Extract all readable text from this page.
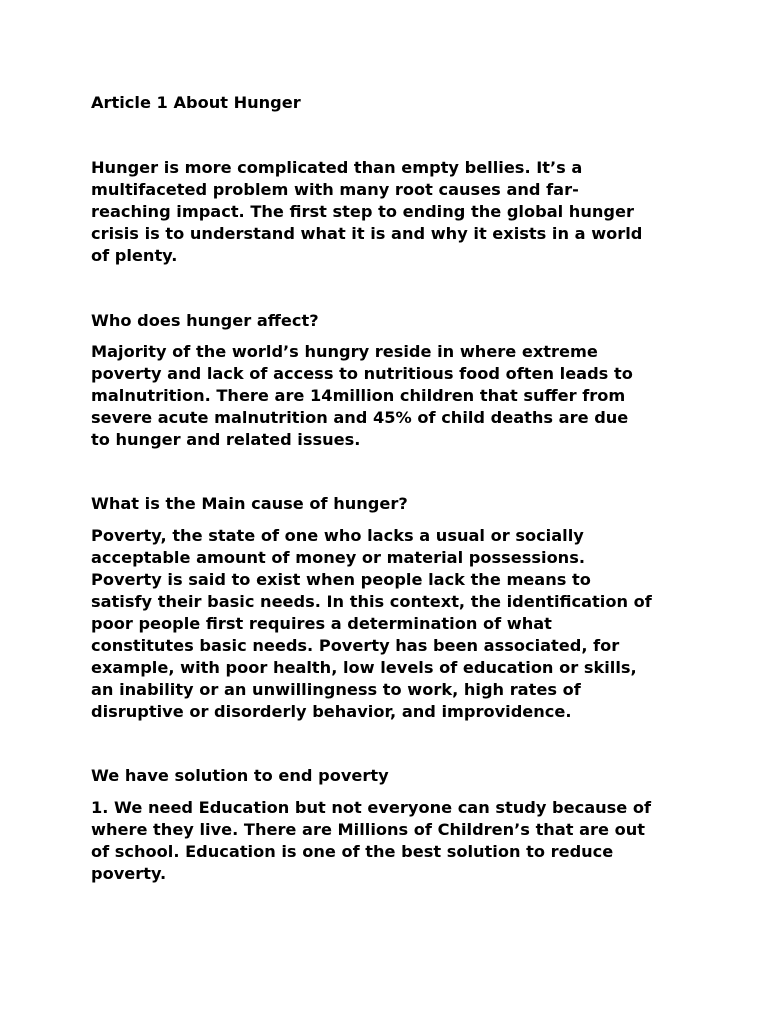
Article 1 About Hunger
Hunger is more complicated than empty bellies. It’s a
multifaceted problem with many root causes and far-
reaching impact. The first step to ending the global hunger
crisis is to understand what it is and why it exists in a world
of plenty.
Who does hunger affect?
Majority of the world’s hungry reside in where extreme
poverty and lack of access to nutritious food often leads to
malnutrition. There are 14million children that suffer from
severe acute malnutrition and 45% of child deaths are due
to hunger and related issues.
What is the Main cause of hunger?
Poverty, the state of one who lacks a usual or socially
acceptable amount of money or material possessions.
Poverty is said to exist when people lack the means to
satisfy their basic needs. In this context, the identification of
poor people first requires a determination of what
constitutes basic needs. Poverty has been associated, for
example, with poor health, low levels of education or skills,
an inability or an unwillingness to work, high rates of
disruptive or disorderly behavior, and improvidence.
We have solution to end poverty
1. We need Education but not everyone can study because of
where they live. There are Millions of Children’s that are out
of school. Education is one of the best solution to reduce
poverty.
